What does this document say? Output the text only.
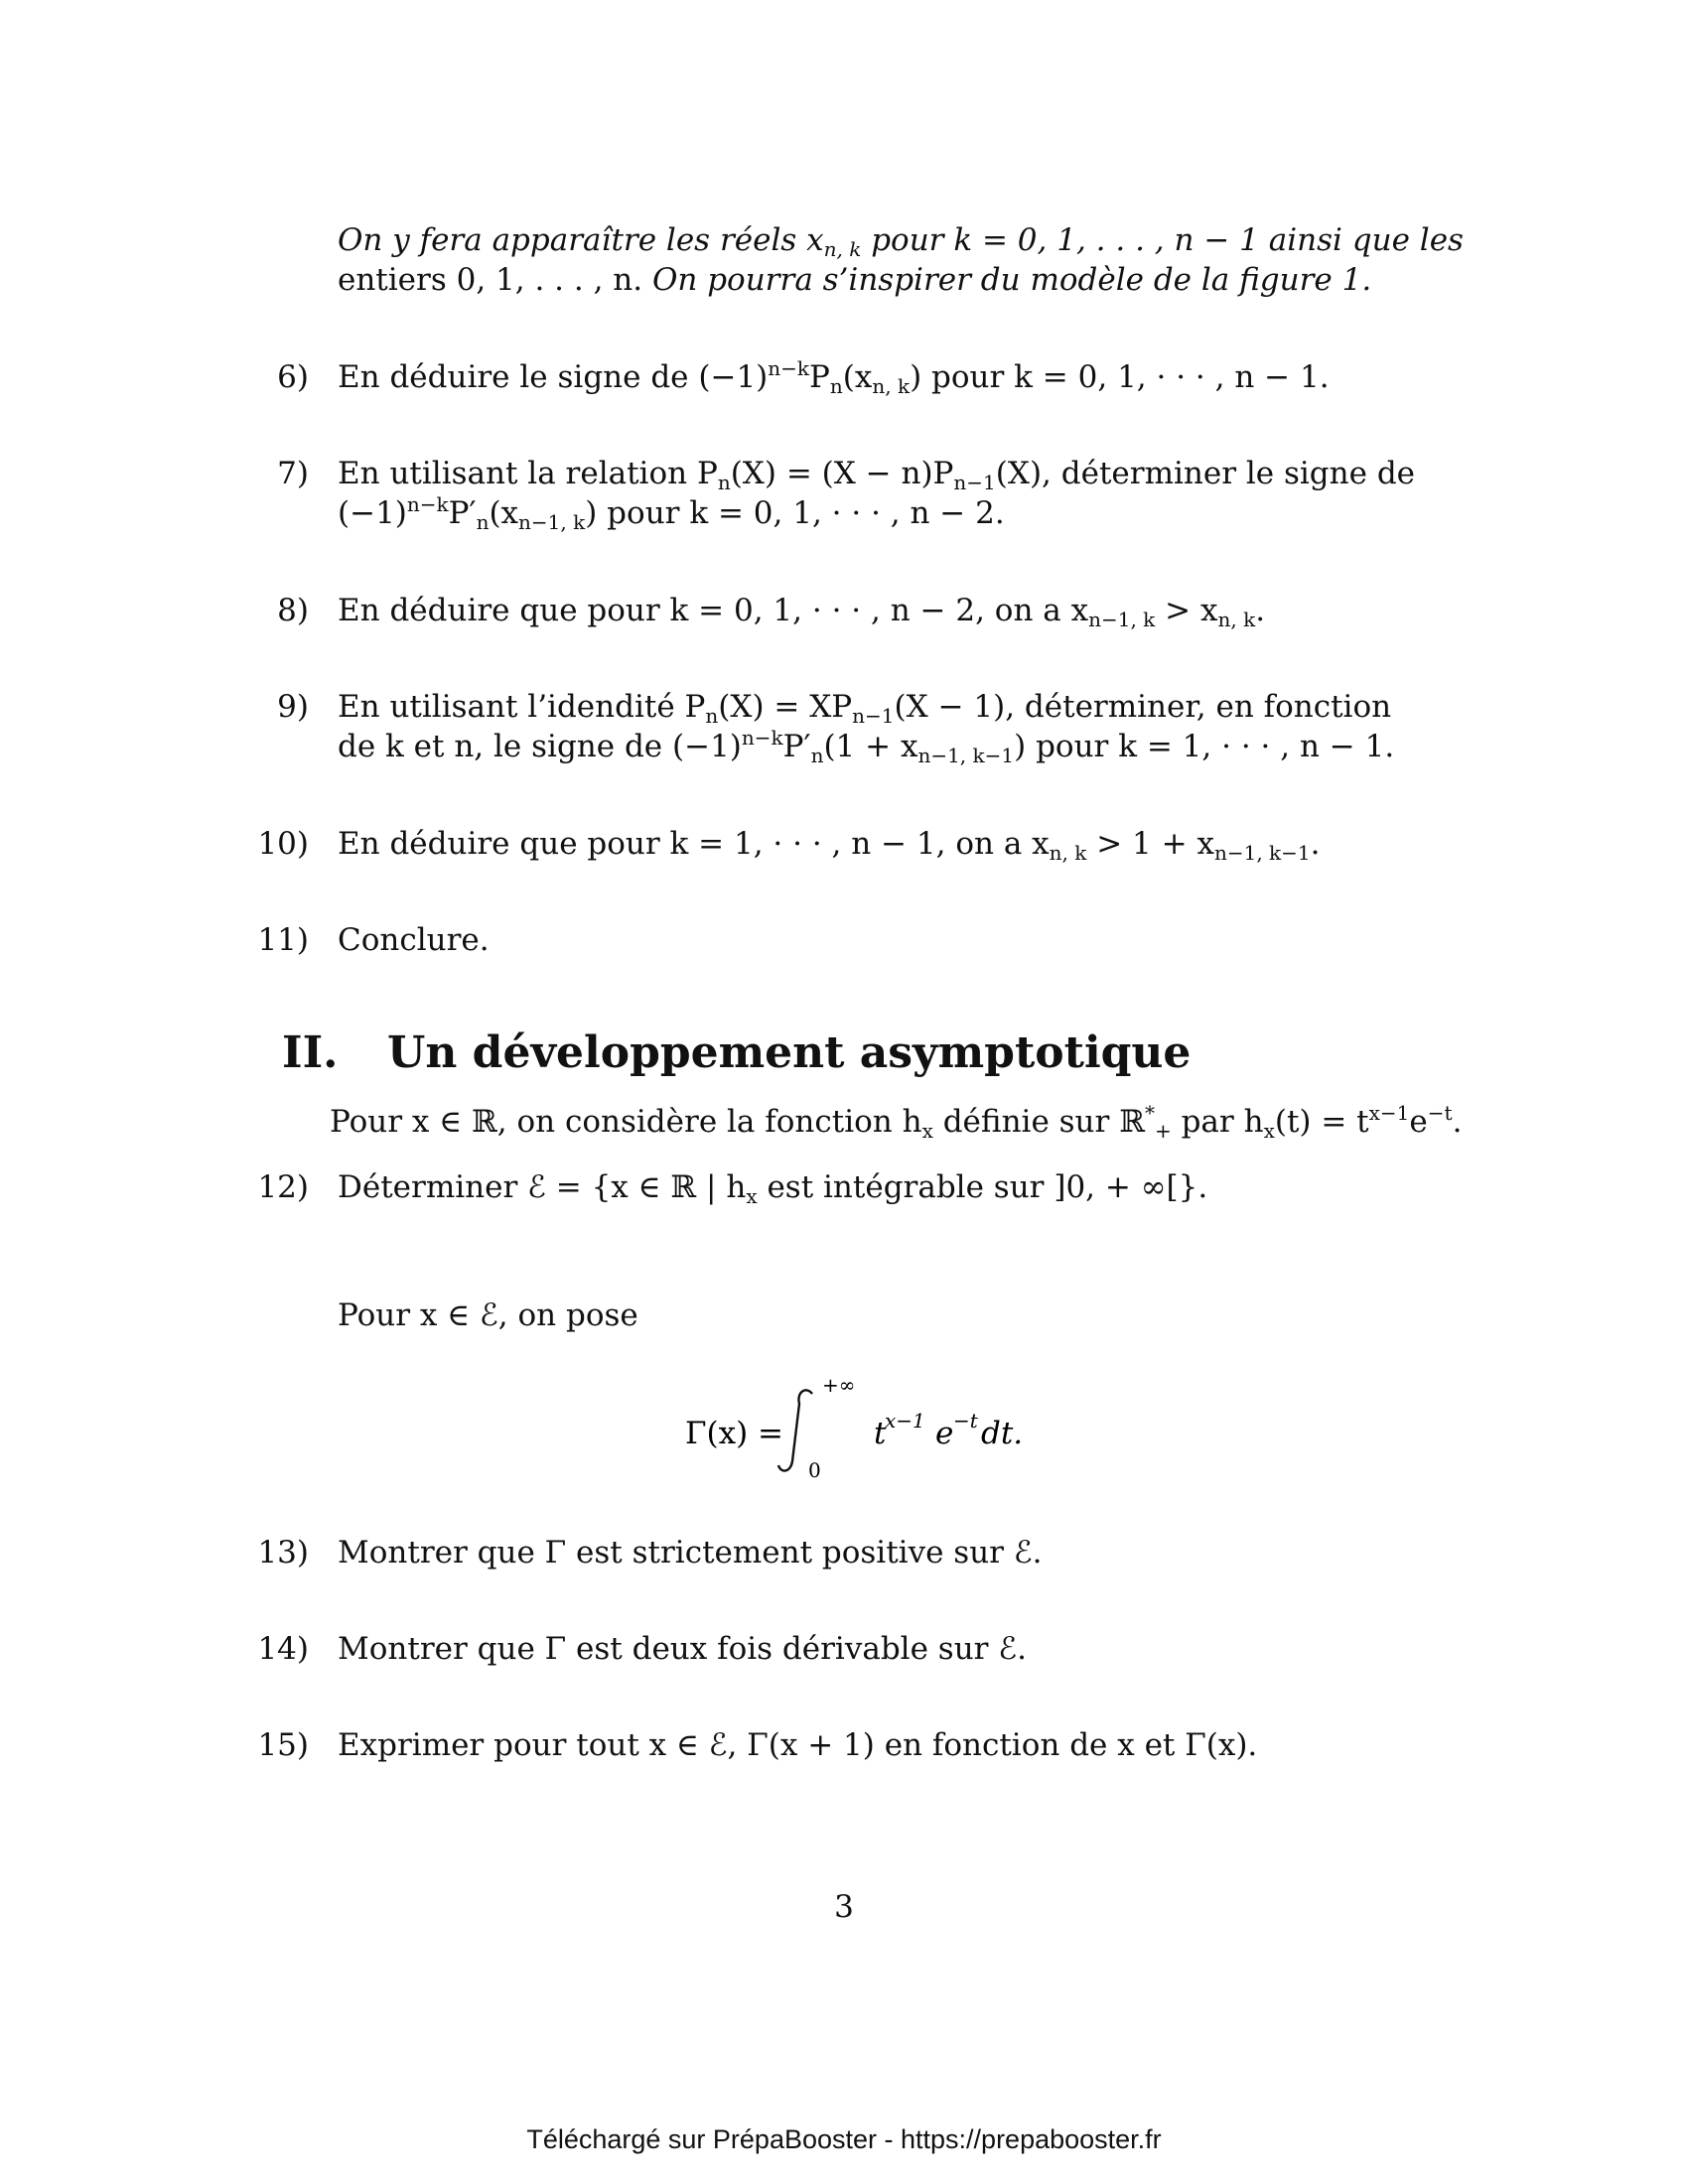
On y fera apparaître les réels $x_{n, k}$ pour k = 0, 1, . . . , n − 1 ainsi que les
entiers 0, 1, . . . , n. On pourra s’inspirer du modèle de la figure 1.
6) En déduire le signe de $(-1)^{n-k}P_n(x_{n, k})$ pour k = 0, 1, · · · , n − 1.
7) En utilisant la relation $P_n(X) = (X - n)P_{n-1}(X)$, déterminer le signe de
$(-1)^{n-k}P'_n(x_{n-1, k})$ pour k = 0, 1, · · · , n − 2.
8) En déduire que pour k = 0, 1, · · · , n − 2, on a $x_{n-1, k} > x_{n, k}$.
9) En utilisant l’idendité $P_n(X) = XP_{n-1}(X - 1)$, déterminer, en fonction
de k et n, le signe de $(-1)^{n-k}P'_n(1 + x_{n-1, k-1})$ pour k = 1, · · · , n − 1.
10) En déduire que pour k = 1, · · · , n − 1, on a $x_{n, k} > 1 + x_{n-1, k-1}$.
11) Conclure.
II. Un développement asymptotique
Pour x ∈ ℝ, on considère la fonction $h_x$ définie sur ℝ*$_+$ par $h_x(t) = t^{x-1}e^{-t}$.
12) Déterminer ℰ = {x ∈ ℝ | $h_x$ est intégrable sur ]0, + ∞[}.
Pour x ∈ ℰ, on pose
Γ(x) =
+∞
0
t
x−1 e −t dt.
13) Montrer que Γ est strictement positive sur ℰ.
14) Montrer que Γ est deux fois dérivable sur ℰ.
15) Exprimer pour tout x ∈ ℰ, Γ(x + 1) en fonction de x et Γ(x).
3
Téléchargé sur PrépaBooster - https://prepabooster.fr
